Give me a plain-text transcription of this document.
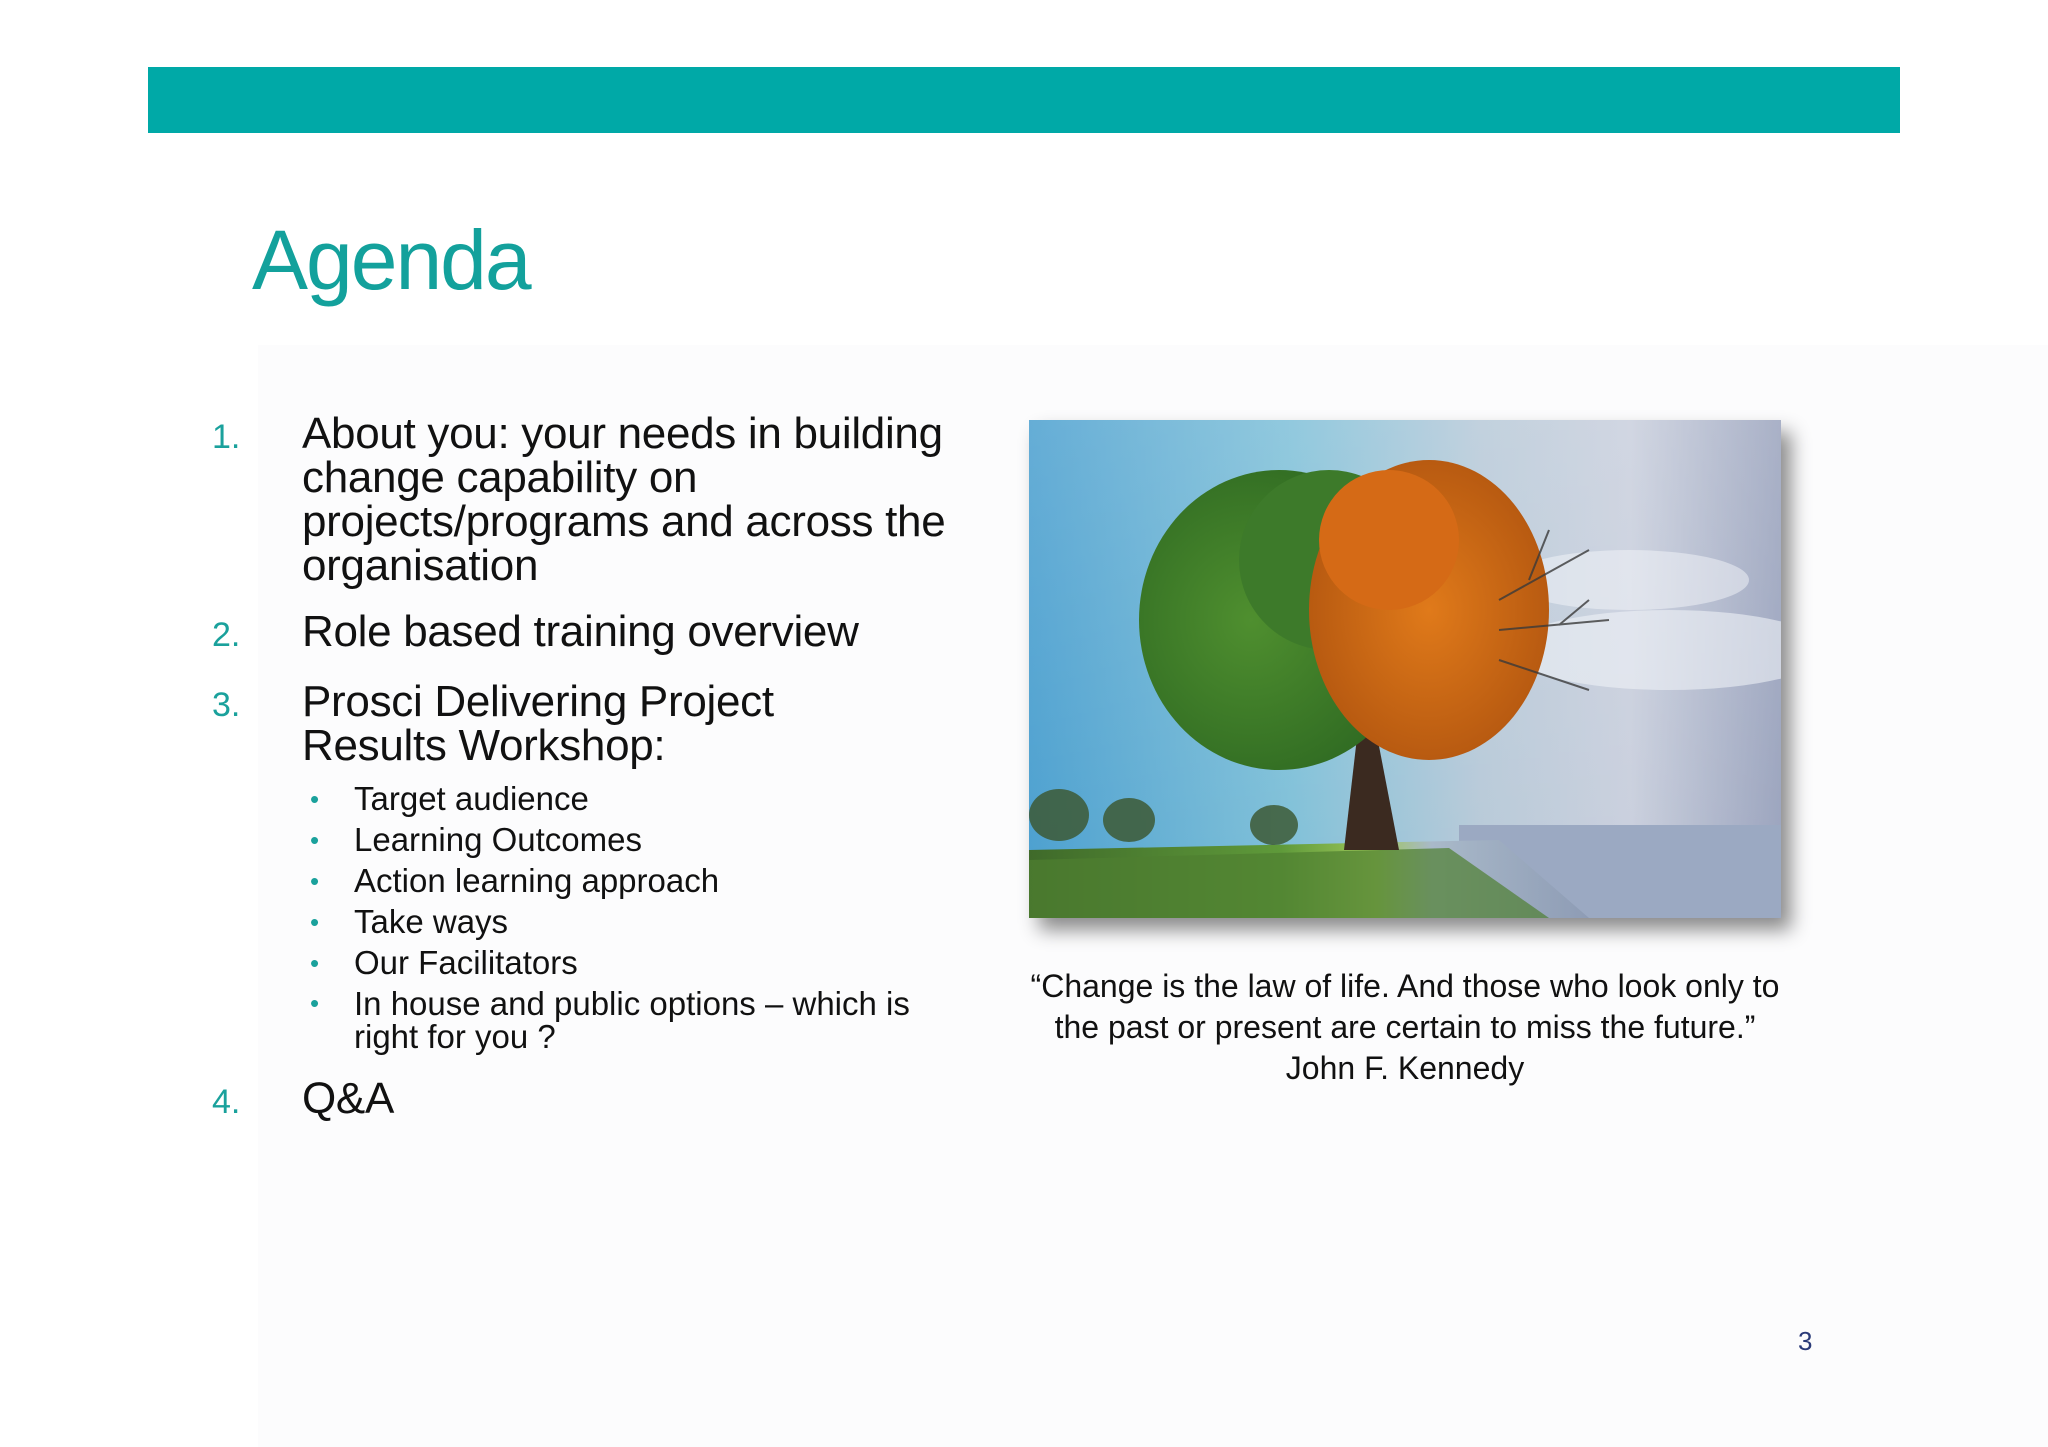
Agenda
1. About you: your needs in building change capability on projects/programs and across the organisation
2. Role based training overview
3. Prosci Delivering Project Results Workshop:
• Target audience
• Learning Outcomes
• Action learning approach
• Take ways
• Our Facilitators
• In house and public options – which is right for you ?
4. Q&A
“Change is the law of life. And those who look only to the past or present are certain to miss the future.” John F. Kennedy
3
